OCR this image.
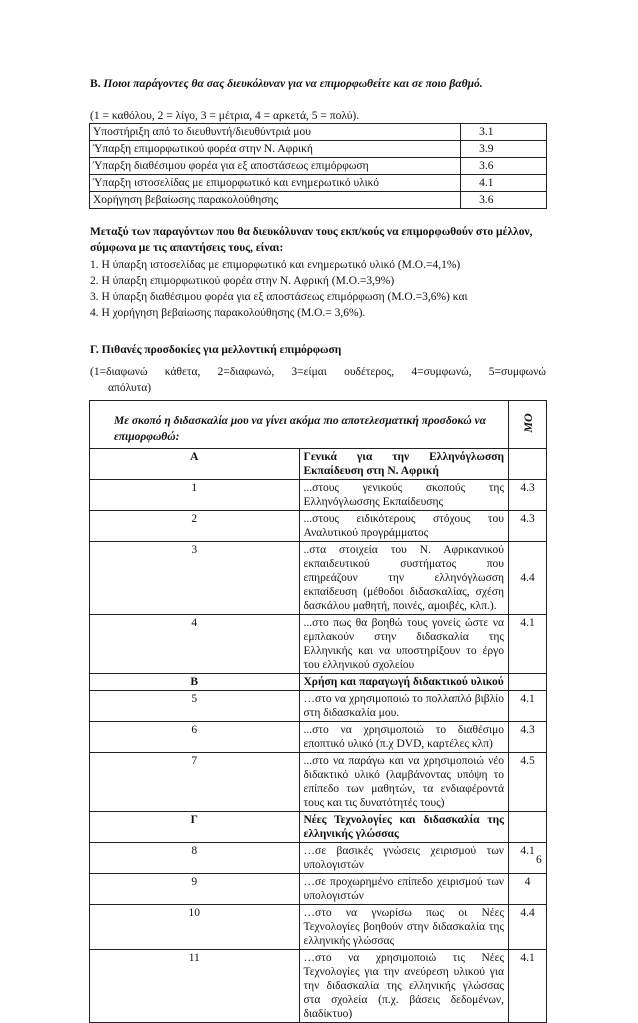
Β. Ποιοι παράγοντες θα σας διευκόλυναν για να επιμορφωθείτε και σε ποιο βαθμό.
(1 = καθόλου, 2 = λίγο, 3 = μέτρια, 4 = αρκετά, 5 = πολύ).
Υποστήριξη από το διευθυντή/διευθύντριά μου	3.1
Ύπαρξη επιμορφωτικού φορέα στην Ν. Αφρική	3.9
Ύπαρξη διαθέσιμου φορέα για εξ αποστάσεως επιμόρφωση	3.6
Ύπαρξη ιστοσελίδας με επιμορφωτικό και ενημερωτικό υλικό	4.1
Χορήγηση βεβαίωσης παρακολούθησης	3.6
Μεταξύ των παραγόντων που θα διευκόλυναν τους εκπ/κούς να επιμορφωθούν στο μέλλον, σύμφωνα με τις απαντήσεις τους, είναι:
1. Η ύπαρξη ιστοσελίδας με επιμορφωτικό και ενημερωτικό υλικό (Μ.Ο.=4,1%)
2. Η ύπαρξη επιμορφωτικού φορέα στην Ν. Αφρική (Μ.Ο.=3,9%)
3. Η ύπαρξη διαθέσιμου φορέα για εξ αποστάσεως επιμόρφωση (Μ.Ο.=3,6%) και
4. Η χορήγηση βεβαίωσης παρακολούθησης (Μ.Ο.= 3,6%).
Γ. Πιθανές προσδοκίες για μελλοντική επιμόρφωση
(1=διαφωνώ κάθετα, 2=διαφωνώ, 3=είμαι ουδέτερος, 4=συμφωνώ, 5=συμφωνώ
απόλυτα)
Με σκοπό η διδασκαλία μου να γίνει ακόμα πιο αποτελεσματική προσδοκώ να επιμορφωθώ:		ΜΟ

Α	Γενικά για την Ελληνόγλωσση Εκπαίδευση στη Ν. Αφρική	
1	...στους γενικούς σκοπούς της Ελληνόγλωσσης Εκπαίδευσης	4.3
2	...στους ειδικότερους στόχους του Αναλυτικού προγράμματος	4.3
3	..στα στοιχεία του Ν. Αφρικανικού εκπαιδευτικού συστήματος που επηρεάζουν την ελληνόγλωσση εκπαίδευση (μέθοδοι διδασκαλίας, σχέση δασκάλου μαθητή, ποινές, αμοιβές, κλπ.).	4.4
4	...στο πως θα βοηθώ τους γονείς ώστε να εμπλακούν στην διδασκαλία της Ελληνικής και να υποστηρίξουν το έργο του ελληνικού σχολείου	4.1
Β	Χρήση και παραγωγή διδακτικού υλικού	
5	…στο να χρησιμοποιώ το πολλαπλό βιβλίο στη διδασκαλία μου.	4.1
6	...στο να χρησιμοποιώ το διαθέσιμο εποπτικό υλικό (π.χ DVD, καρτέλες κλπ)	4.3
7	...στο να παράγω και να χρησιμοποιώ νέο διδακτικό υλικό (λαμβάνοντας υπόψη το επίπεδο των μαθητών, τα ενδιαφέροντά τους και τις δυνατότητές τους)	4.5
Γ	Νέες Τεχνολογίες και διδασκαλία της ελληνικής γλώσσας	
8	…σε βασικές γνώσεις χειρισμού των υπολογιστών	4.1
9	…σε προχωρημένο επίπεδο χειρισμού των υπολογιστών	4
10	…στο να γνωρίσω πως οι Νέες Τεχνολογίες βοηθούν στην διδασκαλία της ελληνικής γλώσσας	4.4
11	…στο να χρησιμοποιώ τις Νέες Τεχνολογίες για την ανεύρεση υλικού για την διδασκαλία της ελληνικής γλώσσας στα σχολεία (π.χ. βάσεις δεδομένων, διαδίκτυο)	4.1
6
